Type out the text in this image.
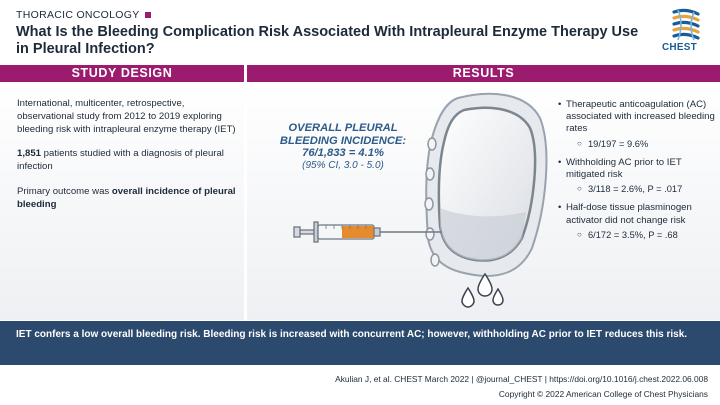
THORACIC ONCOLOGY
What Is the Bleeding Complication Risk Associated With Intrapleural Enzyme Therapy Use in Pleural Infection?	CHEST
STUDY DESIGN	RESULTS

International, multicenter, retrospective, observational study from 2012 to 2019 exploring bleeding risk with intrapleural enzyme therapy (IET)

1,851 patients studied with a diagnosis of pleural infection

Primary outcome was overall incidence of pleural bleeding

OVERALL PLEURAL
BLEEDING INCIDENCE:
76/1,833 = 4.1%
(95% CI, 3.0 - 5.0)
• Therapeutic anticoagulation (AC) associated with increased bleeding rates
○ 19/197 = 9.6%
• Withholding AC prior to IET mitigated risk
○ 3/118 = 2.6%, P = .017
• Half-dose tissue plasminogen activator did not change risk
○ 6/172 = 3.5%, P = .68
IET confers a low overall bleeding risk. Bleeding risk is increased with concurrent AC; however, withholding AC prior to IET reduces this risk.
Akulian J, et al. CHEST March 2022 | @journal_CHEST | https://doi.org/10.1016/j.chest.2022.06.008
Copyright © 2022 American College of Chest Physicians
